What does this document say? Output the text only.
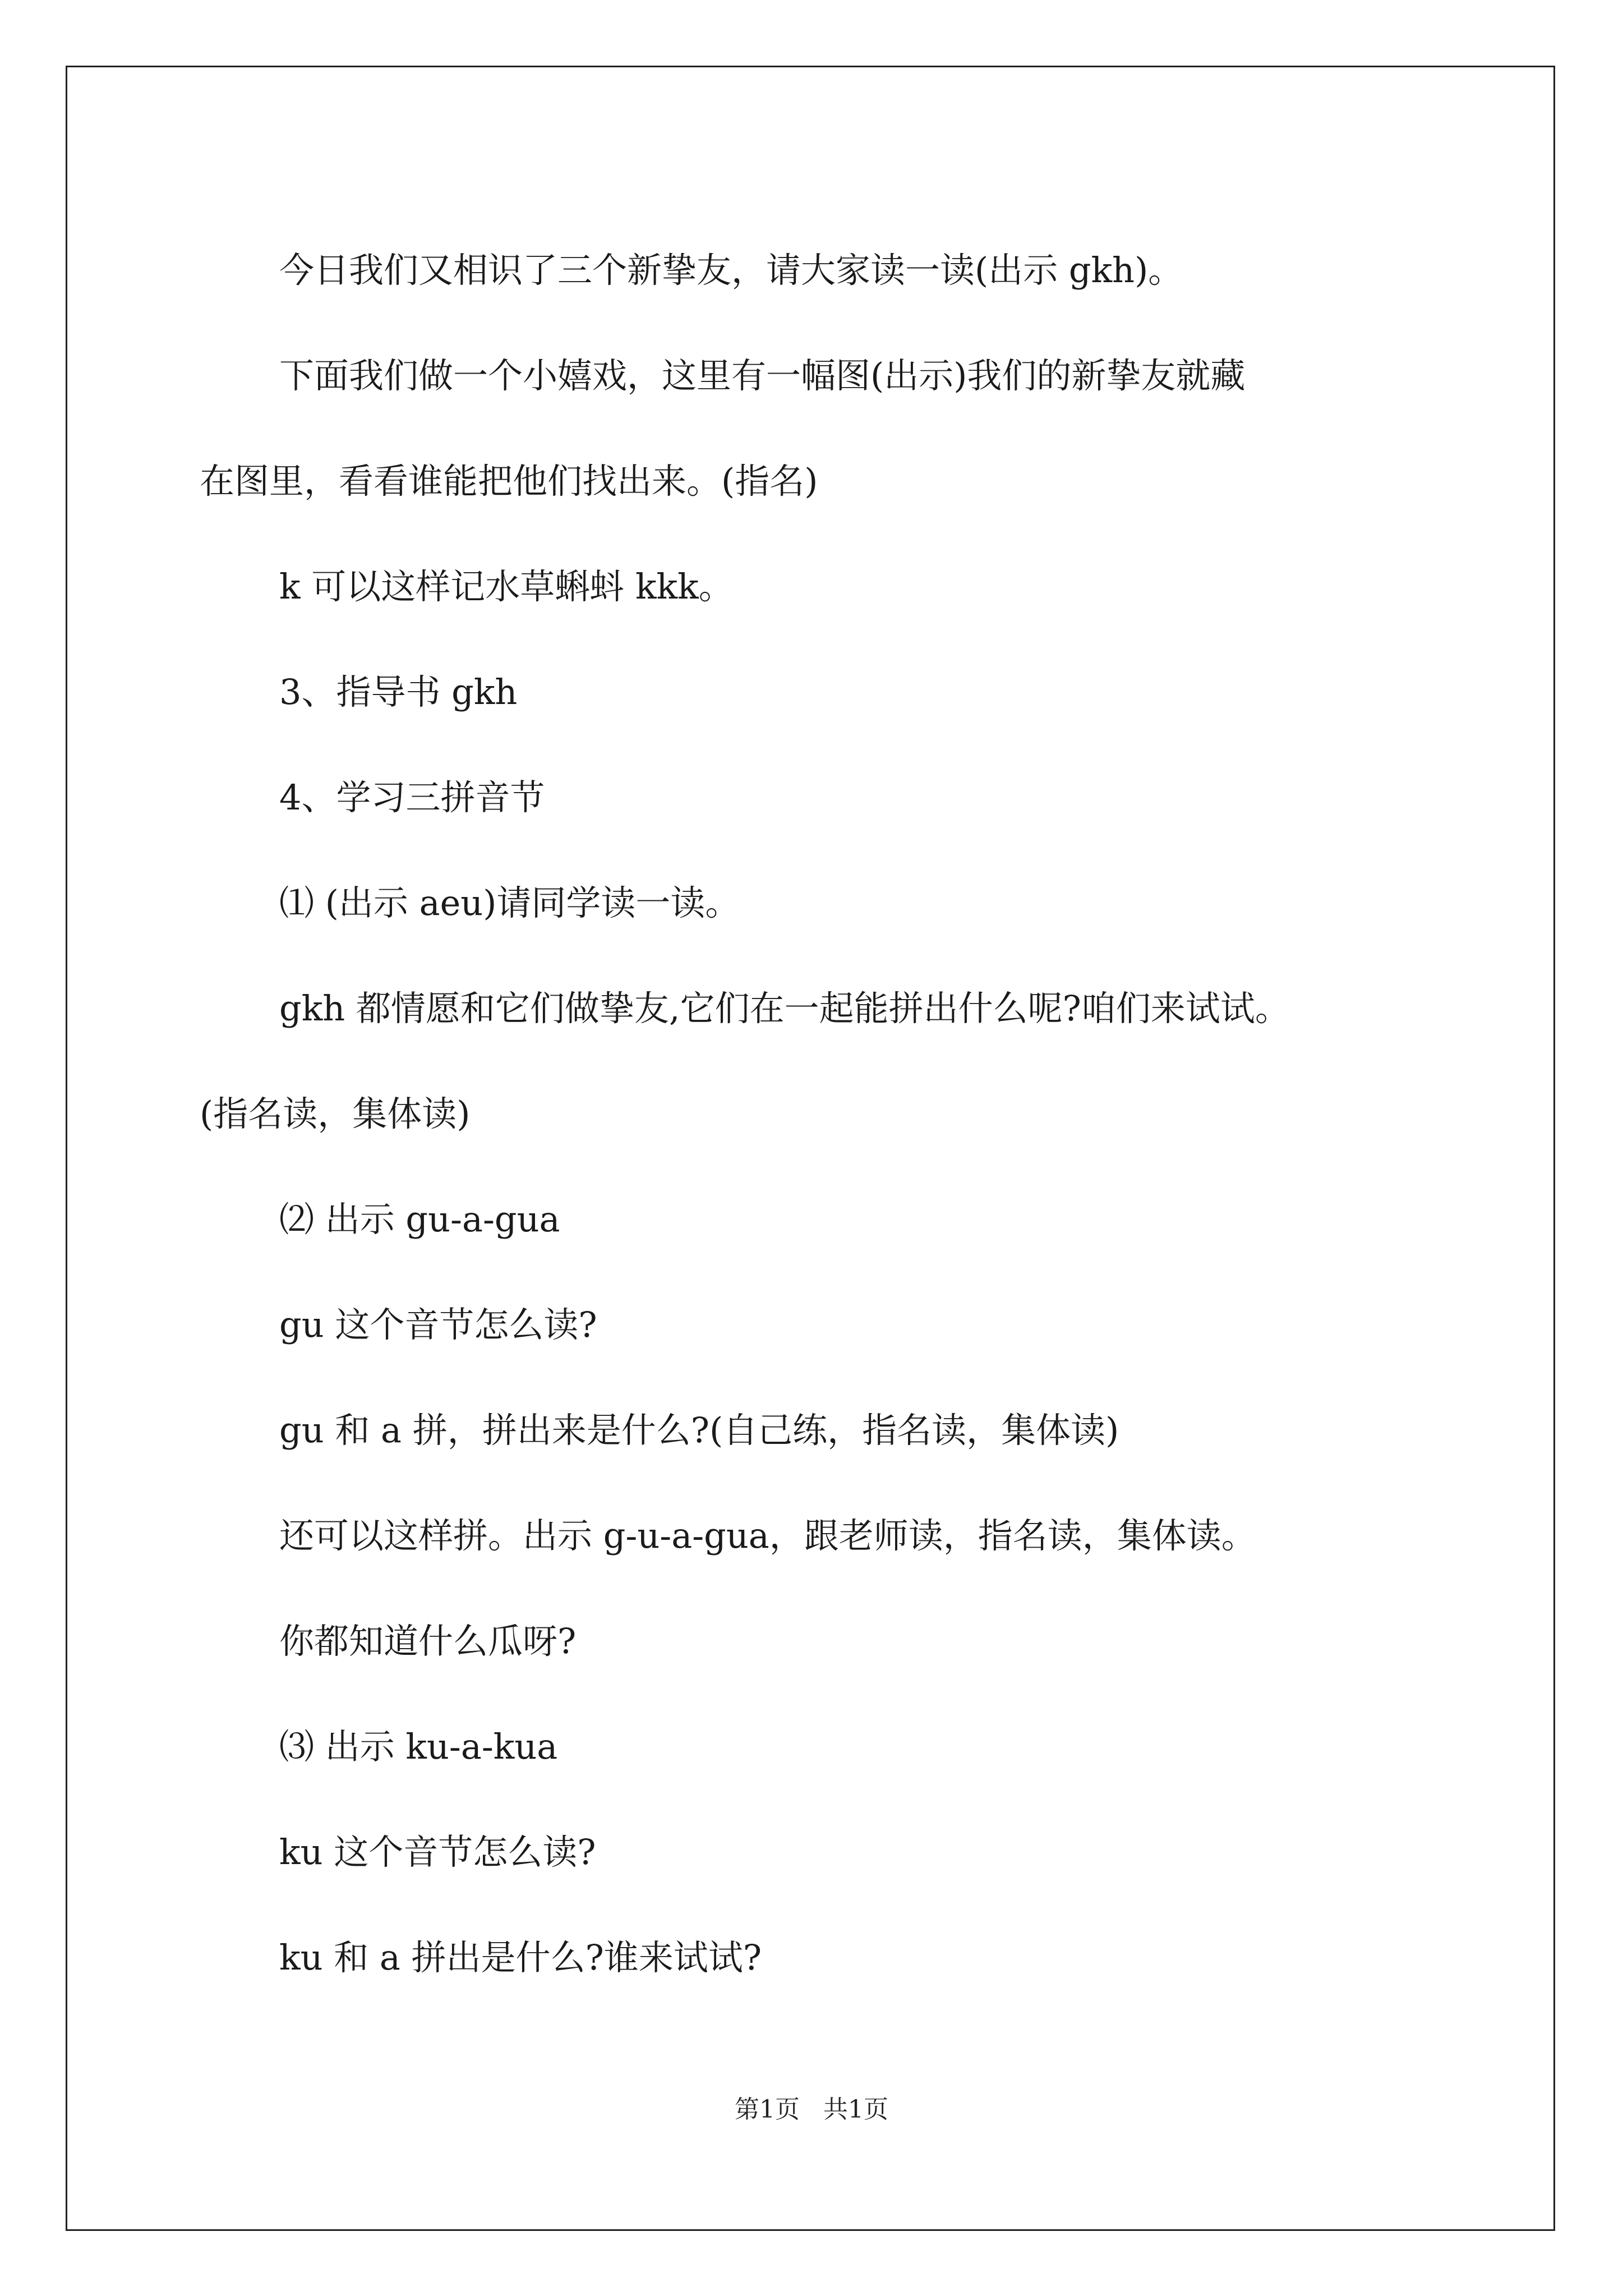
今日我们又相识了三个新挚友，请大家读一读(出示 gkh)。

下面我们做一个小嬉戏，这里有一幅图(出示)我们的新挚友就藏

在图里，看看谁能把他们找出来。(指名)

k 可以这样记水草蝌蚪 kkk。

3、指导书 gkh

4、学习三拼音节

⑴ (出示 aeu)请同学读一读。

gkh 都情愿和它们做挚友,它们在一起能拼出什么呢?咱们来试试。

(指名读，集体读)

⑵ 出示 gu-a-gua

gu 这个音节怎么读?

gu 和 a 拼，拼出来是什么?(自己练，指名读，集体读)

还可以这样拼。出示 g-u-a-gua，跟老师读，指名读，集体读。

你都知道什么瓜呀?

⑶ 出示 ku-a-kua

ku 这个音节怎么读?

ku 和 a 拼出是什么?谁来试试?

第1页 共1页
